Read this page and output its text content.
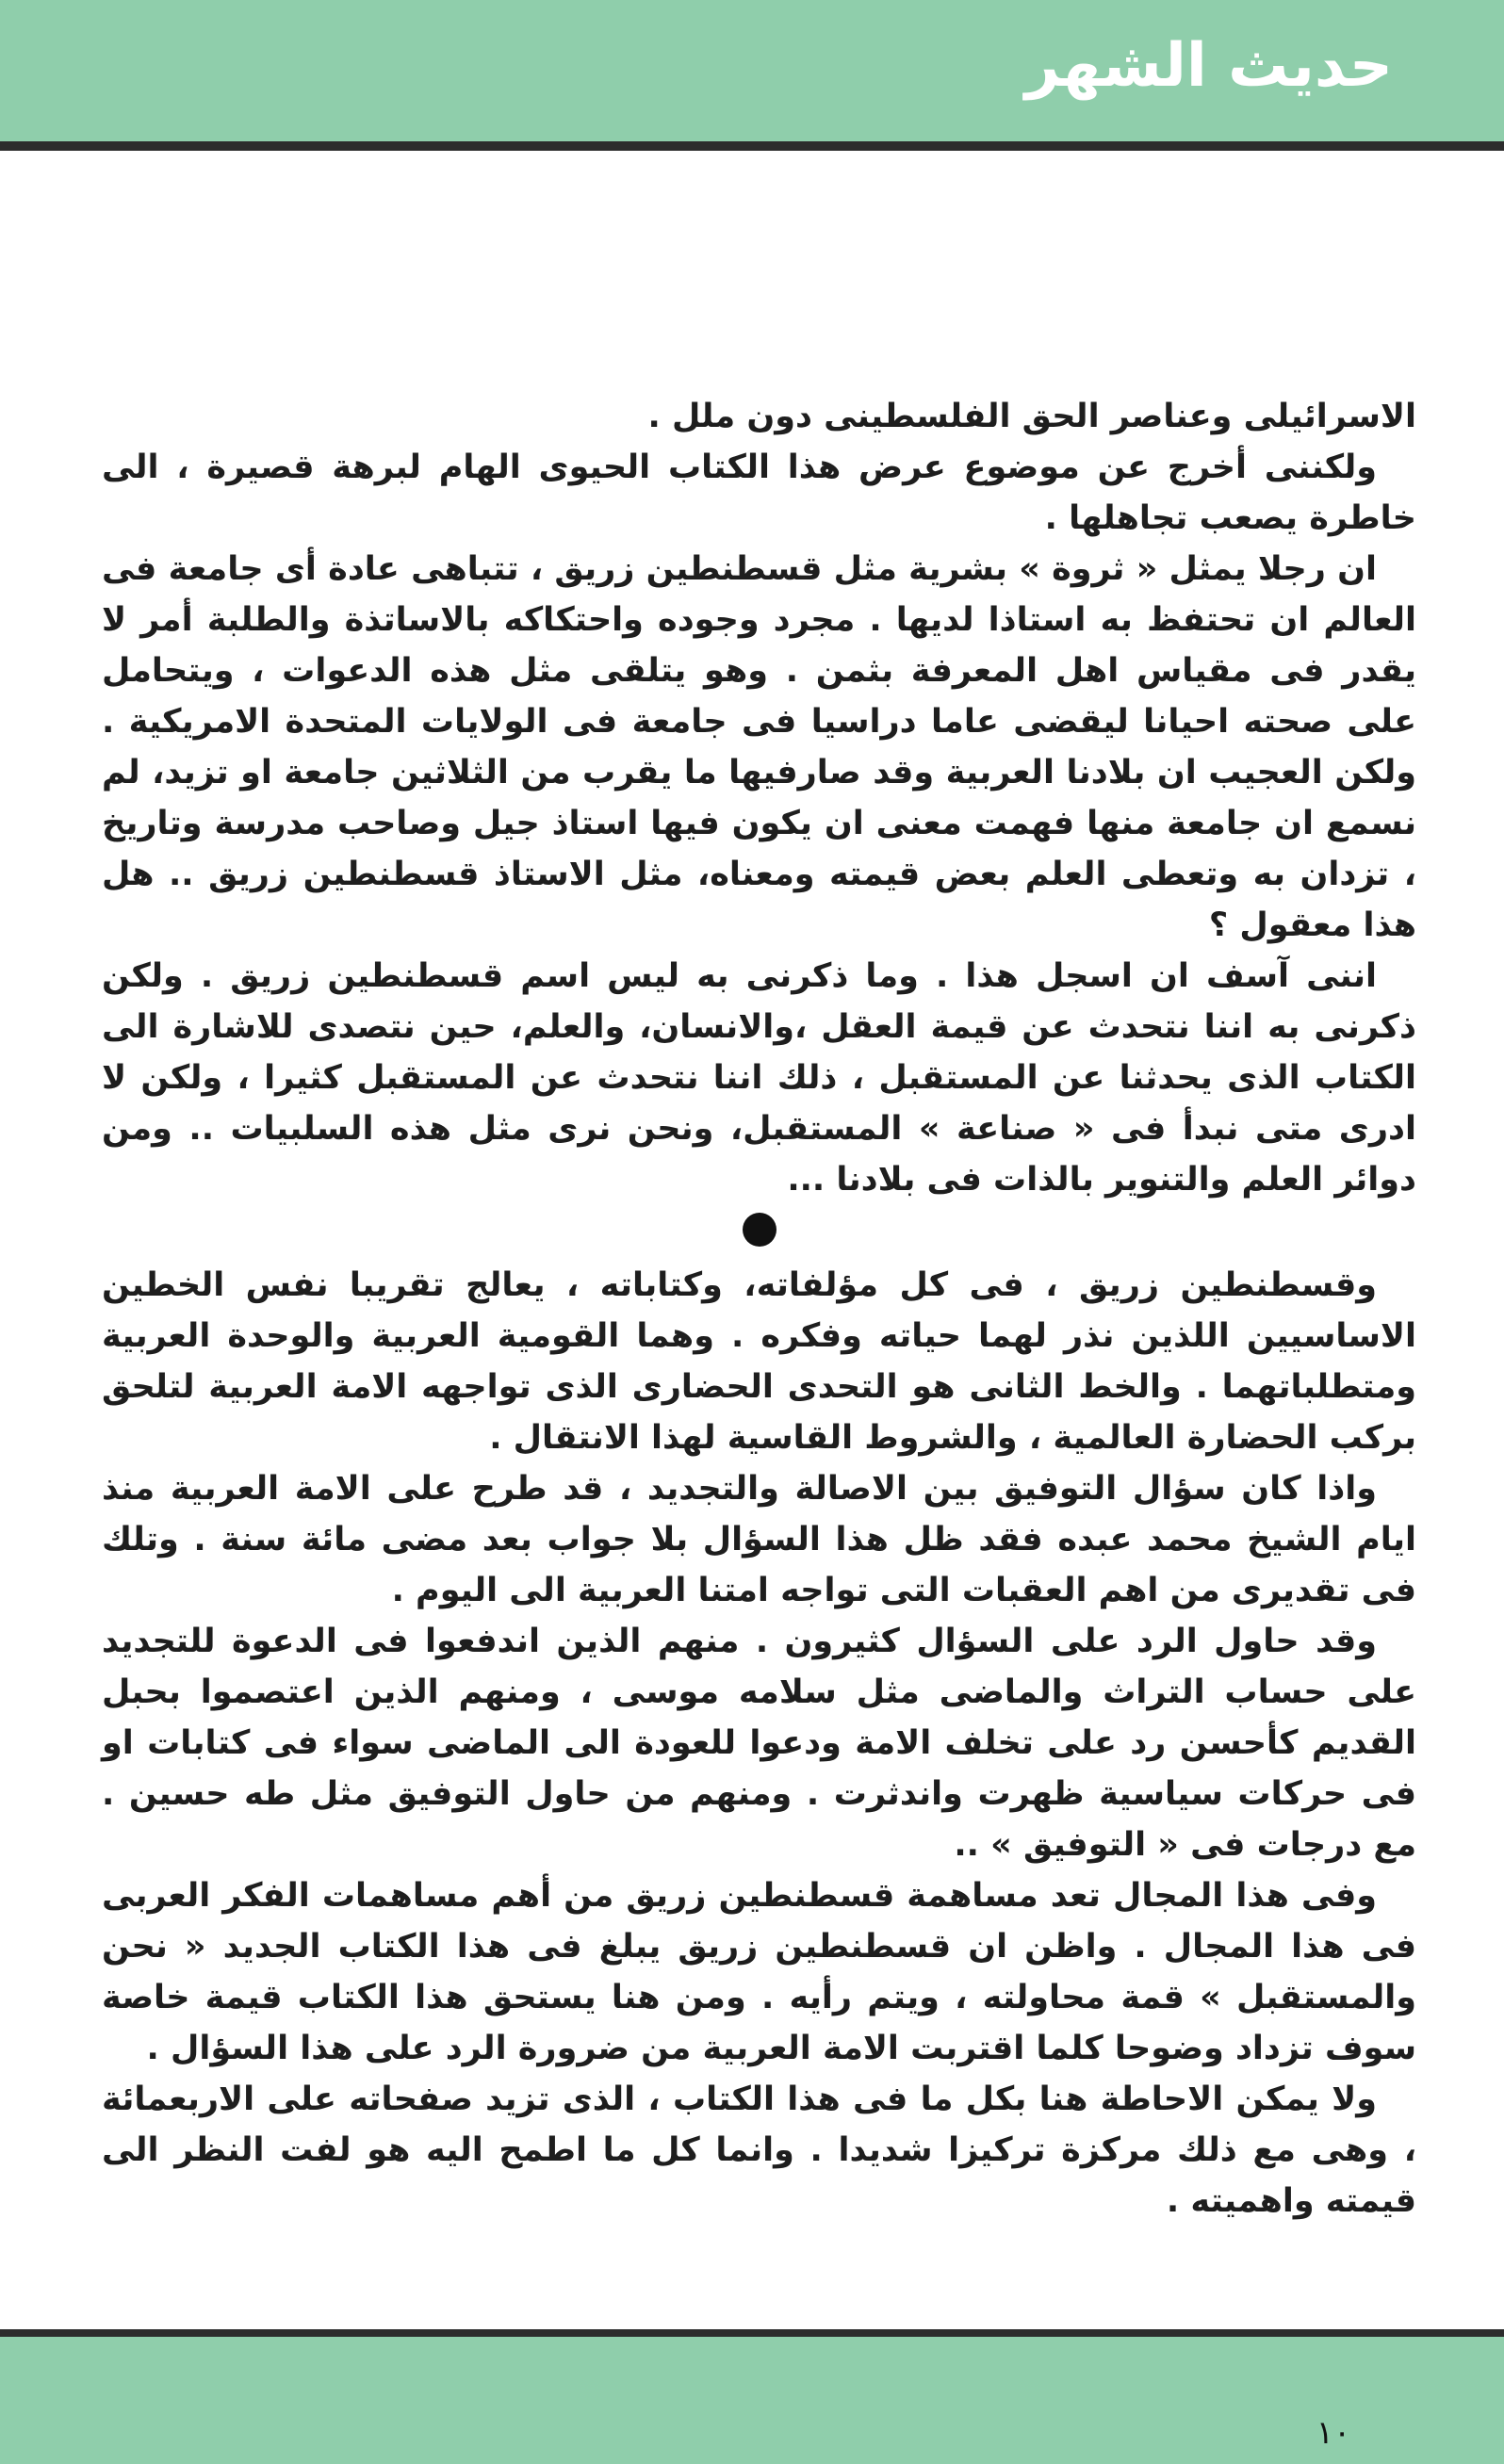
حديث الشهر

الاسرائيلى وعناصر الحق الفلسطينى دون ملل .

ولكننى أخرج عن موضوع عرض هذا الكتاب الحيوى الهام لبرهة قصيرة ، الى خاطرة يصعب تجاهلها .

ان رجلا يمثل « ثروة » بشرية مثل قسطنطين زريق ، تتباهى عادة أى جامعة فى العالم ان تحتفظ به استاذا لديها . مجرد وجوده واحتكاكه بالاساتذة والطلبة أمر لا يقدر فى مقياس اهل المعرفة بثمن . وهو يتلقى مثل هذه الدعوات ، ويتحامل على صحته احيانا ليقضى عاما دراسيا فى جامعة فى الولايات المتحدة الامريكية . ولكن العجيب ان بلادنا العربية وقد صارفيها ما يقرب من الثلاثين جامعة او تزيد، لم نسمع ان جامعة منها فهمت معنى ان يكون فيها استاذ جيل وصاحب مدرسة وتاريخ ، تزدان به وتعطى العلم بعض قيمته ومعناه، مثل الاستاذ قسطنطين زريق .. هل هذا معقول ؟

اننى آسف ان اسجل هذا . وما ذكرنى به ليس اسم قسطنطين زريق . ولكن ذكرنى به اننا نتحدث عن قيمة العقل ،والانسان، والعلم، حين نتصدى للاشارة الى الكتاب الذى يحدثنا عن المستقبل ، ذلك اننا نتحدث عن المستقبل كثيرا ، ولكن لا ادرى متى نبدأ فى « صناعة » المستقبل، ونحن نرى مثل هذه السلبيات .. ومن دوائر العلم والتنوير بالذات فى بلادنا ...

وقسطنطين زريق ، فى كل مؤلفاته، وكتاباته ، يعالج تقريبا نفس الخطين الاساسيين اللذين نذر لهما حياته وفكره . وهما القومية العربية والوحدة العربية ومتطلباتهما . والخط الثانى هو التحدى الحضارى الذى تواجهه الامة العربية لتلحق بركب الحضارة العالمية ، والشروط القاسية لهذا الانتقال .

واذا كان سؤال التوفيق بين الاصالة والتجديد ، قد طرح على الامة العربية منذ ايام الشيخ محمد عبده فقد ظل هذا السؤال بلا جواب بعد مضى مائة سنة . وتلك فى تقديرى من اهم العقبات التى تواجه امتنا العربية الى اليوم .

وقد حاول الرد على السؤال كثيرون . منهم الذين اندفعوا فى الدعوة للتجديد على حساب التراث والماضى مثل سلامه موسى ، ومنهم الذين اعتصموا بحبل القديم كأحسن رد على تخلف الامة ودعوا للعودة الى الماضى سواء فى كتابات او فى حركات سياسية ظهرت واندثرت . ومنهم من حاول التوفيق مثل طه حسين . مع درجات فى « التوفيق » ..

وفى هذا المجال تعد مساهمة قسطنطين زريق من أهم مساهمات الفكر العربى فى هذا المجال . واظن ان قسطنطين زريق يبلغ فى هذا الكتاب الجديد « نحن والمستقبل » قمة محاولته ، ويتم رأيه . ومن هنا يستحق هذا الكتاب قيمة خاصة سوف تزداد وضوحا كلما اقتربت الامة العربية من ضرورة الرد على هذا السؤال .

ولا يمكن الاحاطة هنا بكل ما فى هذا الكتاب ، الذى تزيد صفحاته على الاربعمائة ، وهى مع ذلك مركزة تركيزا شديدا . وانما كل ما اطمح اليه هو لفت النظر الى قيمته واهميته .

١٠
